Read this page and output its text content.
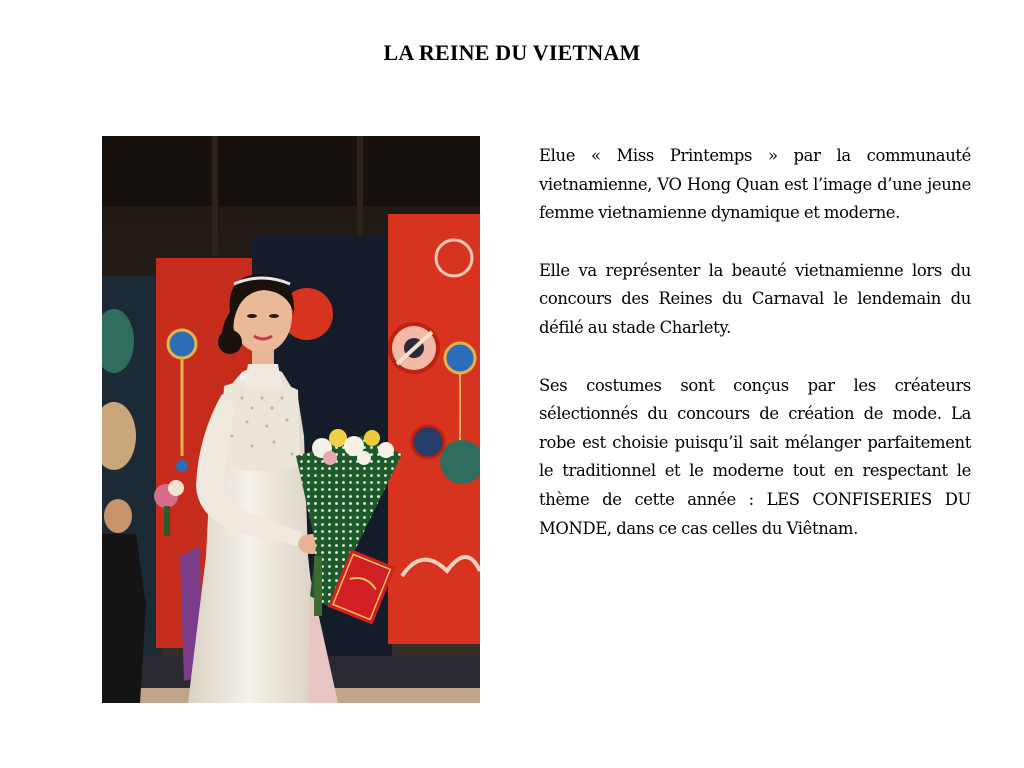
LA REINE DU VIETNAM

Elue « Miss Printemps » par la communauté vietnamienne, VO Hong Quan est l’image d’une jeune femme vietnamienne dynamique et moderne.

Elle va représenter la beauté vietnamienne lors du concours des Reines du Carnaval le lendemain du défilé au stade Charlety.

Ses costumes sont conçus par les créateurs sélectionnés du concours de création de mode. La robe est choisie puisqu’il sait mélanger parfaitement le traditionnel et le moderne tout en respectant le thème de cette année : LES CONFISERIES DU MONDE, dans ce cas celles du Viêtnam.
